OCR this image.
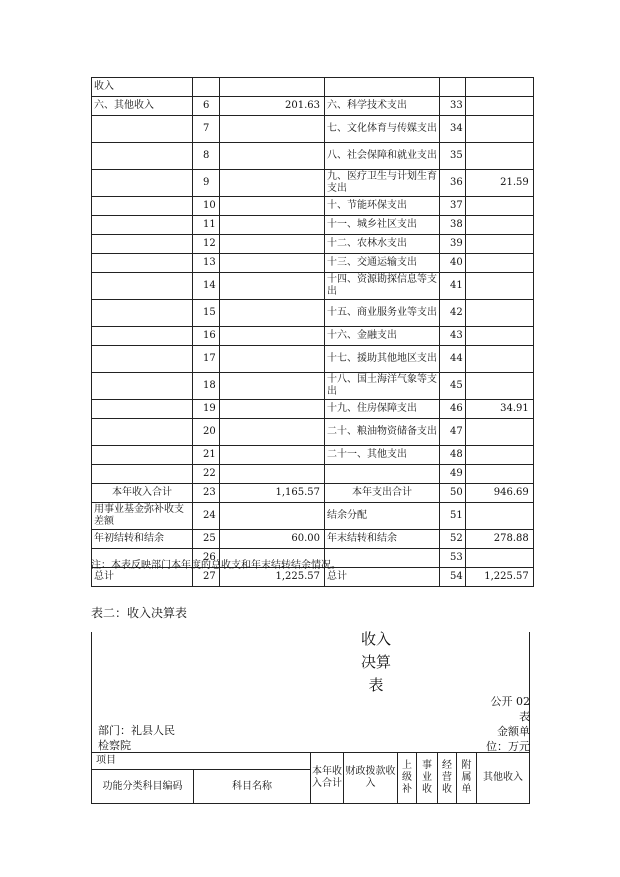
收入					
六、其他收入	6	201.63	六、科学技术支出	33	
	7		七、文化体育与传媒支出	34	
	8		八、社会保障和就业支出	35	
	9		九、医疗卫生与计划生育支出	36	21.59
	10		十、节能环保支出	37	
	11		十一、城乡社区支出	38	
	12		十二、农林水支出	39	
	13		十三、交通运输支出	40	
	14		十四、资源勘探信息等支出	41	
	15		十五、商业服务业等支出	42	
	16		十六、金融支出	43	
	17		十七、援助其他地区支出	44	
	18		十八、国土海洋气象等支出	45	
	19		十九、住房保障支出	46	34.91
	20		二十、粮油物资储备支出	47	
	21		二十一、其他支出	48	
	22			49	
本年收入合计	23	1,165.57	本年支出合计	50	946.69
用事业基金弥补收支差额	24		结余分配	51	
年初结转和结余	25	60.00	年末结转和结余	52	278.88
	26			53	
总计	27	1,225.57	总计	54	1,225.57
注：本表反映部门本年度的总收支和年末结转结余情况。
表二：收入决算表
收入
决算
表
公开 02 表
金额单位：万元
部门：礼县人民检察院
项目		本年收入合计	财政拨款收入	上级补	事业收	经营收	附属单	其他收入
功能分类科目编码	科目名称							
